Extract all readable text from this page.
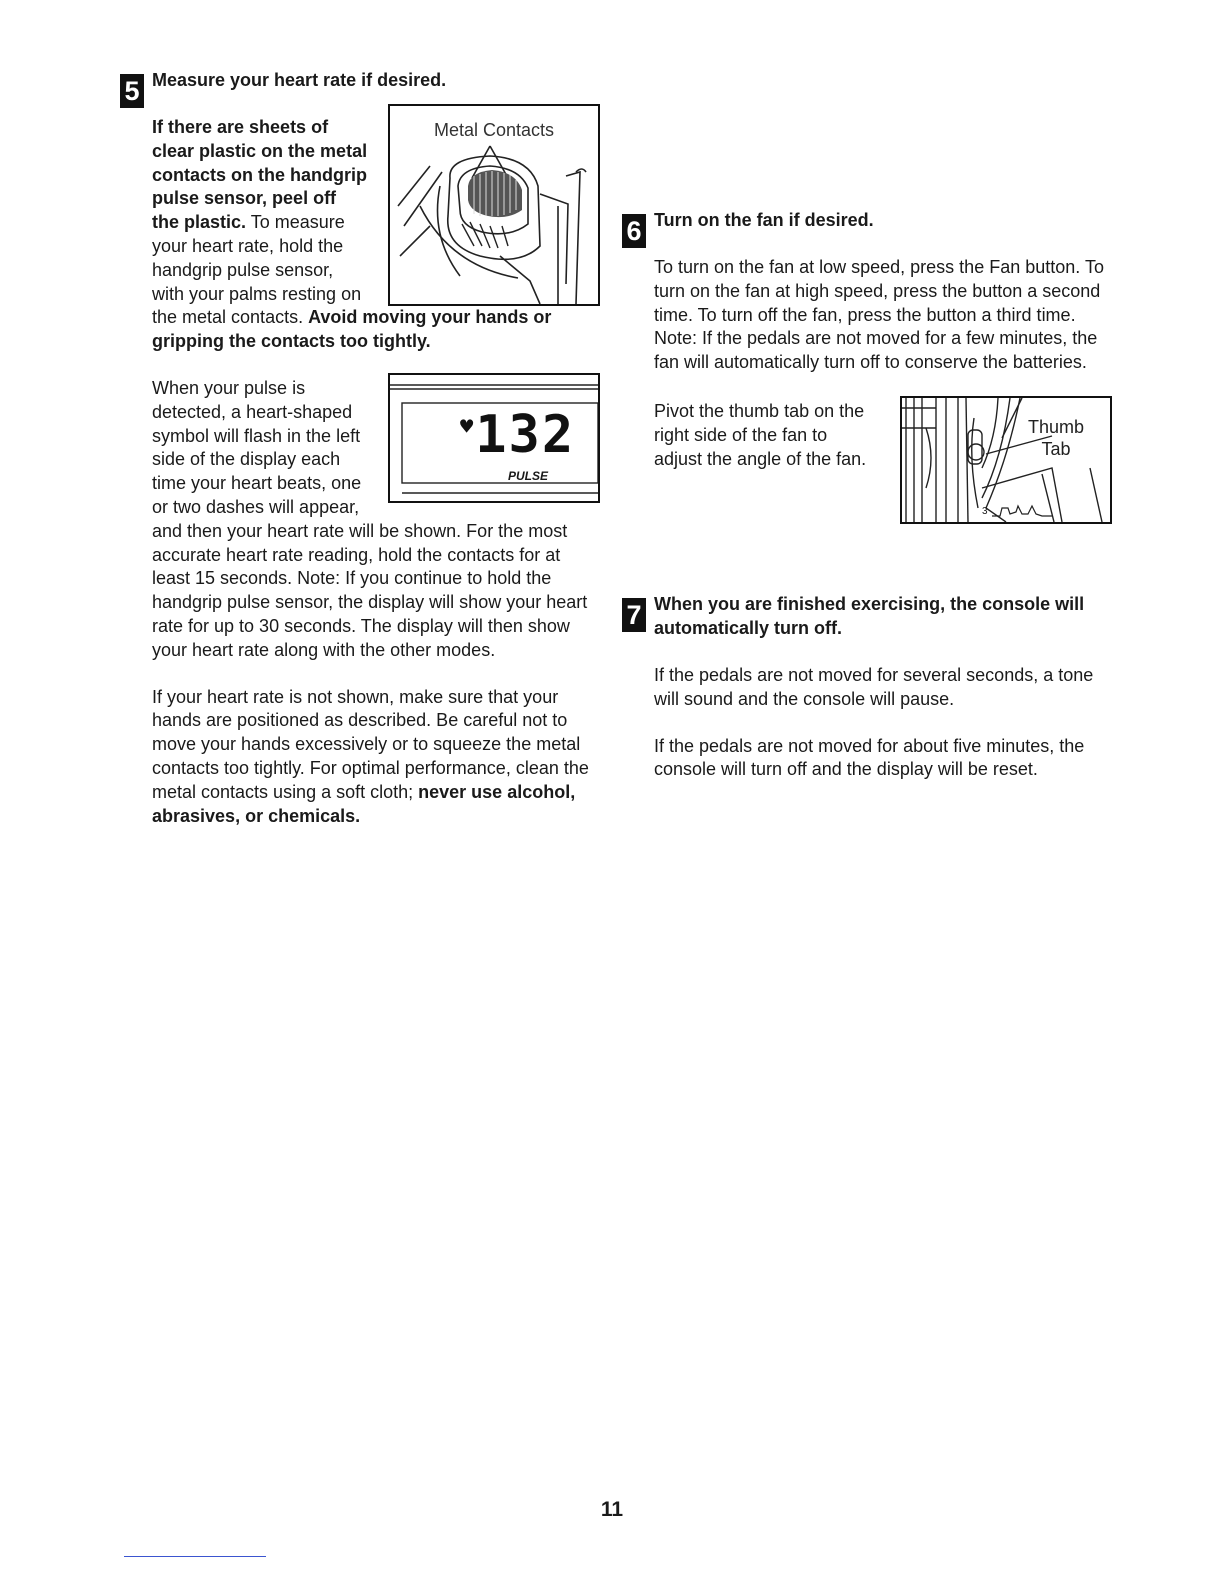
5 Measure your heart rate if desired.

Metal Contacts

If there are sheets of clear plastic on the metal contacts on the handgrip pulse sensor, peel off the plastic. To measure your heart rate, hold the handgrip pulse sensor, with your palms resting on the metal contacts. Avoid moving your hands or gripping the contacts too tightly.

♥132
PULSE

When your pulse is detected, a heart-shaped symbol will flash in the left side of the display each time your heart beats, one or two dashes will appear, and then your heart rate will be shown. For the most accurate heart rate reading, hold the contacts for at least 15 seconds. Note: If you continue to hold the handgrip pulse sensor, the display will show your heart rate for up to 30 seconds. The display will then show your heart rate along with the other modes.

If your heart rate is not shown, make sure that your hands are positioned as described. Be careful not to move your hands excessively or to squeeze the metal contacts too tightly. For optimal performance, clean the metal contacts using a soft cloth; never use alcohol, abrasives, or chemicals.

6 Turn on the fan if desired.

To turn on the fan at low speed, press the Fan button. To turn on the fan at high speed, press the button a second time. To turn off the fan, press the button a third time. Note: If the pedals are not moved for a few minutes, the fan will automatically turn off to conserve the batteries.

Thumb
Tab
3

Pivot the thumb tab on the right side of the fan to adjust the angle of the fan.

7 When you are finished exercising, the console will automatically turn off.

If the pedals are not moved for several seconds, a tone will sound and the console will pause.

If the pedals are not moved for about five minutes, the console will turn off and the display will be reset.

11
